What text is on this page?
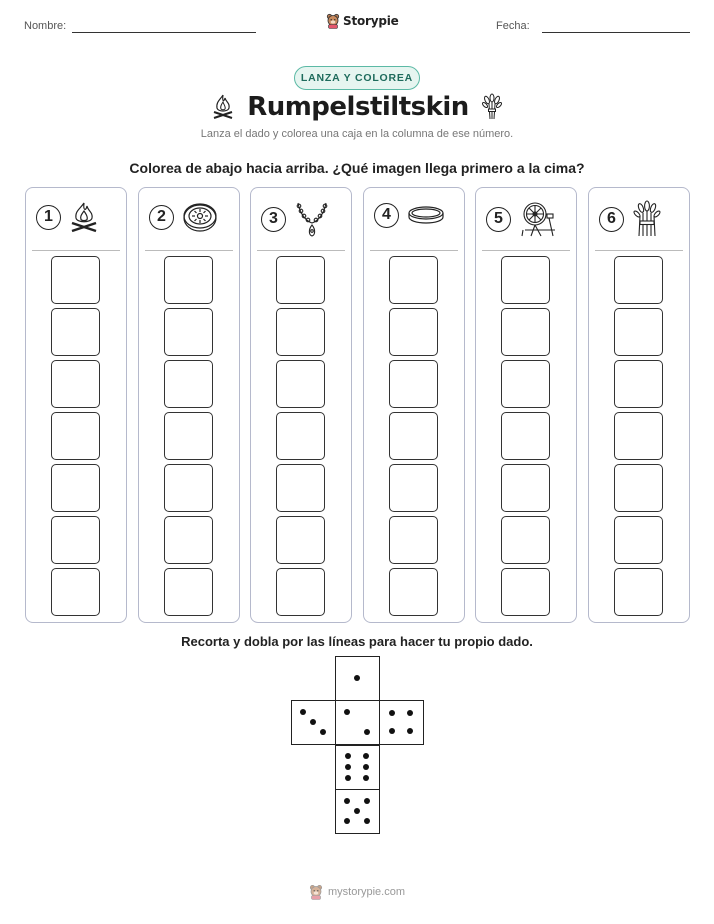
Nombre:	Storypie	Fecha:
LANZA Y COLOREA
Rumpelstiltskin
Lanza el dado y colorea una caja en la columna de ese número.
Colorea de abajo hacia arriba. ¿Qué imagen llega primero a la cima?
1	2	3	4	5	6
Recorta y dobla por las líneas para hacer tu propio dado.
mystorypie.com
